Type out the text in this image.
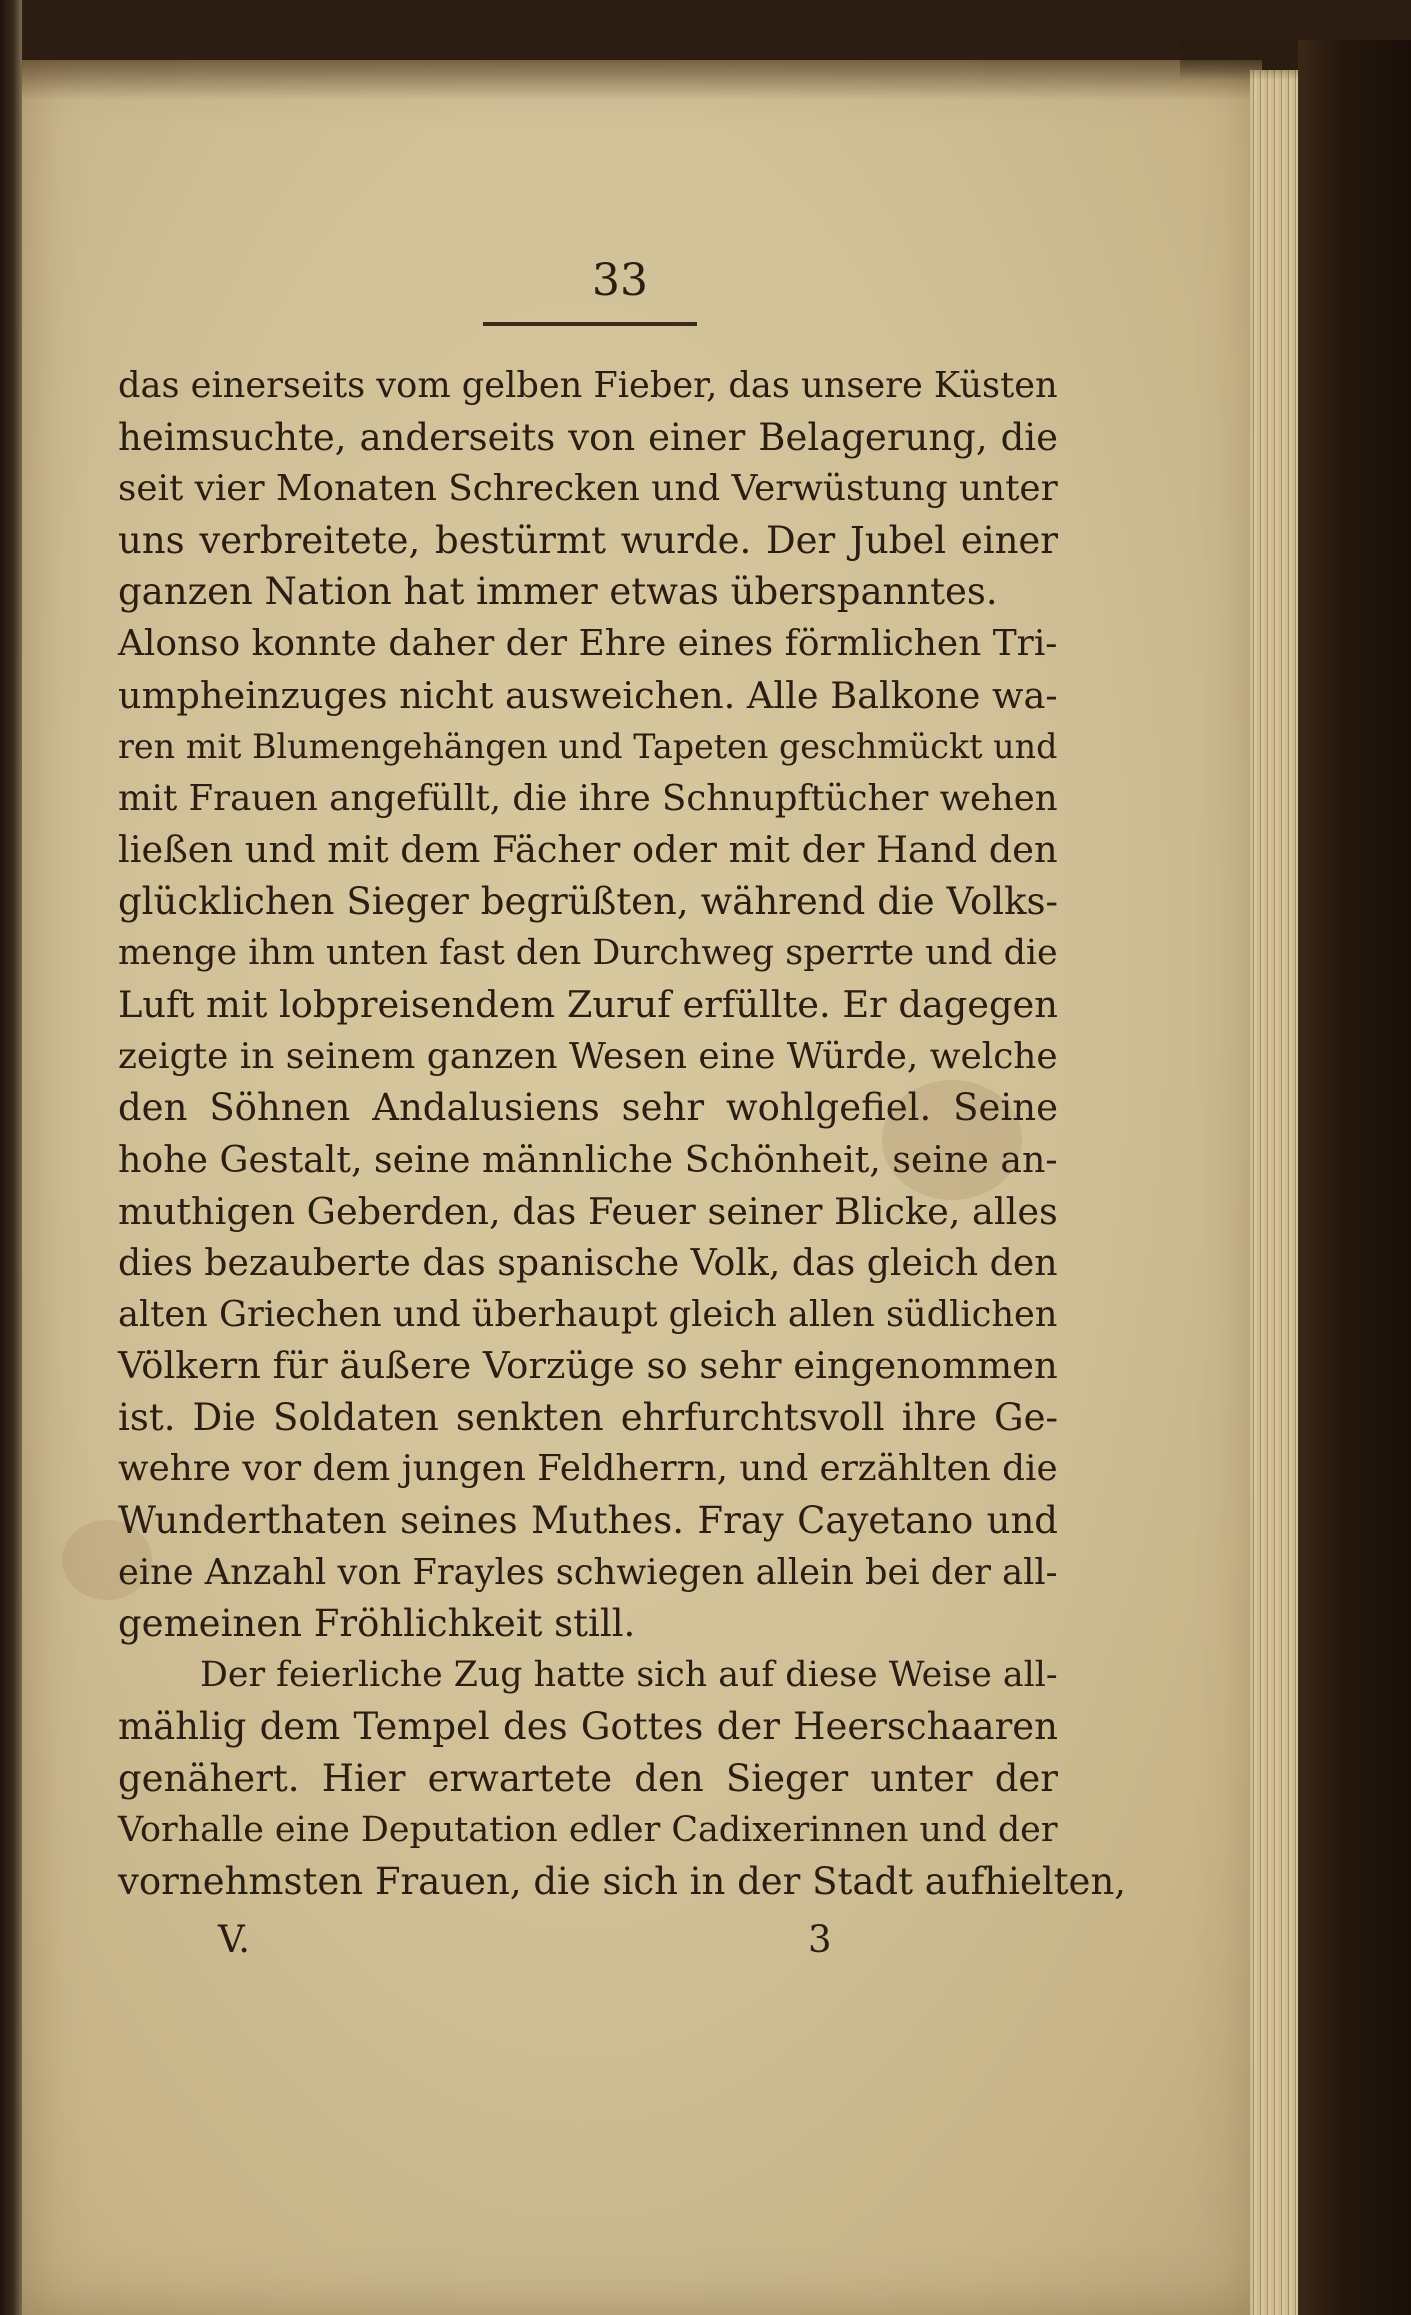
33
das einerseits vom gelben Fieber, das unsere Küsten
heimsuchte, anderseits von einer Belagerung, die
seit vier Monaten Schrecken und Verwüstung unter
uns verbreitete, bestürmt wurde. Der Jubel einer
ganzen Nation hat immer etwas überspanntes.
Alonso konnte daher der Ehre eines förmlichen Tri-
umpheinzuges nicht ausweichen. Alle Balkone wa-
ren mit Blumengehängen und Tapeten geschmückt und
mit Frauen angefüllt, die ihre Schnupftücher wehen
ließen und mit dem Fächer oder mit der Hand den
glücklichen Sieger begrüßten, während die Volks-
menge ihm unten fast den Durchweg sperrte und die
Luft mit lobpreisendem Zuruf erfüllte. Er dagegen
zeigte in seinem ganzen Wesen eine Würde, welche
den Söhnen Andalusiens sehr wohlgefiel. Seine
hohe Gestalt, seine männliche Schönheit, seine an-
muthigen Geberden, das Feuer seiner Blicke, alles
dies bezauberte das spanische Volk, das gleich den
alten Griechen und überhaupt gleich allen südlichen
Völkern für äußere Vorzüge so sehr eingenommen
ist. Die Soldaten senkten ehrfurchtsvoll ihre Ge-
wehre vor dem jungen Feldherrn, und erzählten die
Wunderthaten seines Muthes. Fray Cayetano und
eine Anzahl von Frayles schwiegen allein bei der all-
gemeinen Fröhlichkeit still.
Der feierliche Zug hatte sich auf diese Weise all-
mählig dem Tempel des Gottes der Heerschaaren
genähert. Hier erwartete den Sieger unter der
Vorhalle eine Deputation edler Cadixerinnen und der
vornehmsten Frauen, die sich in der Stadt aufhielten,
V.	3
